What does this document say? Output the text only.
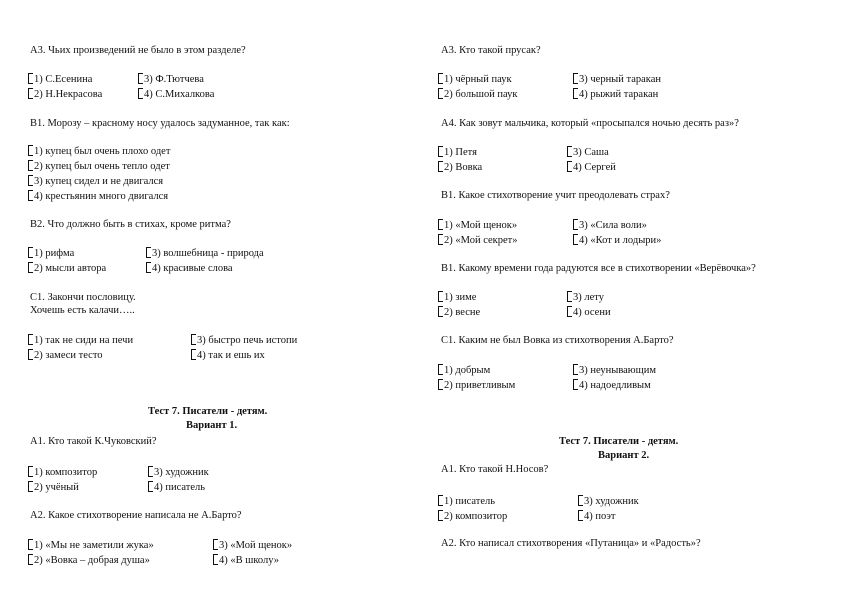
А3. Чьих произведений не было в этом разделе?
1) С.Есенина	3) Ф.Тютчева
2) Н.Некрасова	4) С.Михалкова
В1. Морозу – красному носу удалось задуманное, так как:
1) купец был очень плохо одет
2) купец был очень тепло одет
3) купец сидел и не двигался
4) крестьянин много двигался
В2. Что должно быть в стихах, кроме ритма?
1) рифма	3) волшебница - природа
2) мысли автора	4) красивые слова
С1. Закончи пословицу.
Хочешь есть калачи…..
1) так не сиди на печи	3) быстро печь истопи
2) замеси тесто	4) так и ешь их
Тест 7. Писатели - детям.
Вариант 1.
А1. Кто такой К.Чуковский?
1) композитор	3) художник
2) учёный	4) писатель
А2. Какое стихотворение написала не А.Барто?
1) «Мы не заметили жука»	3) «Мой щенок»
2) «Вовка – добрая душа»	4) «В школу»
А3. Кто такой прусак?
1) чёрный паук	3) черный таракан
2) большой паук	4) рыжий таракан
А4. Как зовут мальчика, который «просыпался ночью десять раз»?
1) Петя	3) Саша
2) Вовка	4) Сергей
В1. Какое стихотворение учит преодолевать страх?
1) «Мой щенок»	3) «Сила воли»
2) «Мой секрет»	4) «Кот и лодыри»
В1. Какому времени года радуются все в стихотворении «Верёвочка»?
1) зиме	3) лету
2) весне	4) осени
С1. Каким не был Вовка из стихотворения А.Барто?
1) добрым	3) неунывающим
2) приветливым	4) надоедливым
Тест 7. Писатели - детям.
Вариант 2.
А1. Кто такой Н.Носов?
1) писатель	3) художник
2) композитор	4) поэт
А2. Кто написал стихотворения «Путаница» и «Радость»?
